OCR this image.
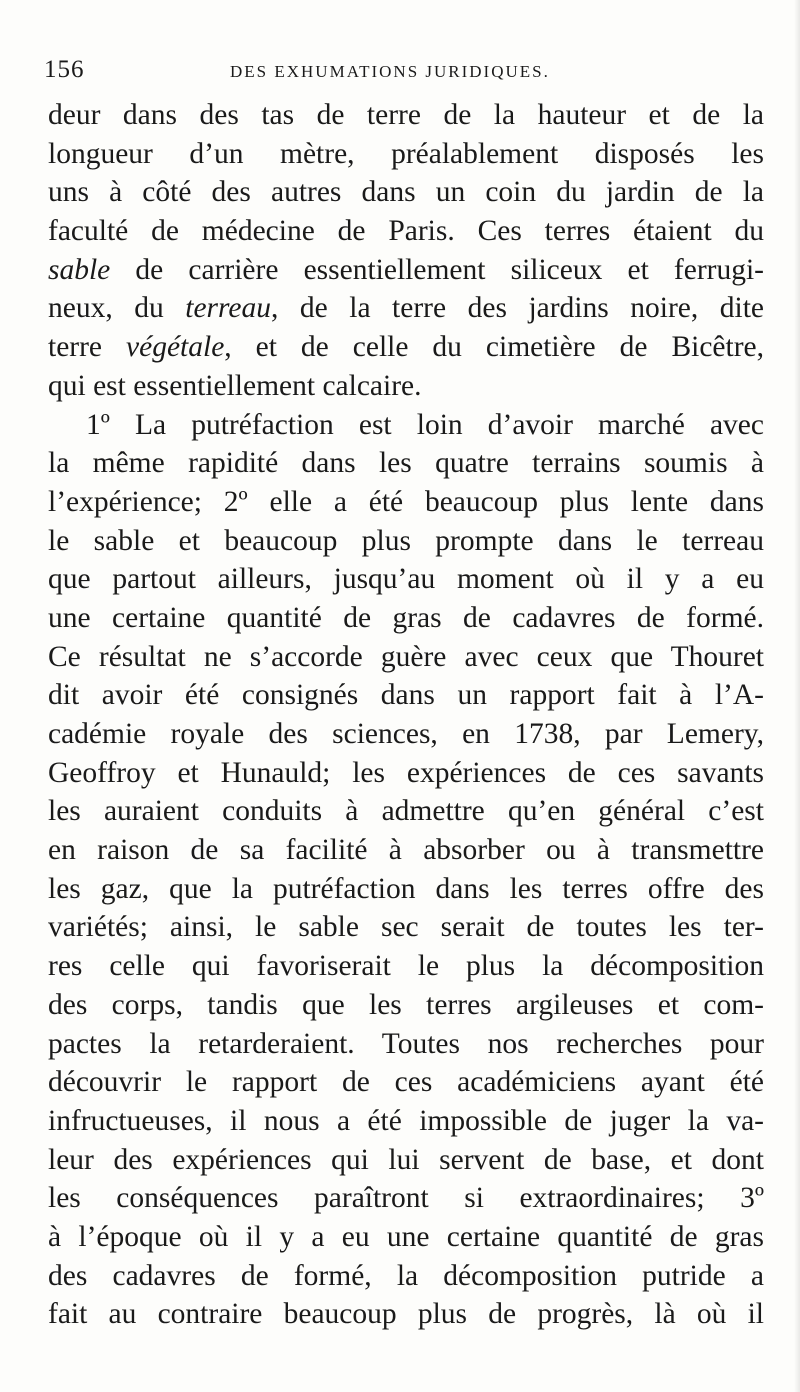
156	DES EXHUMATIONS JURIDIQUES.
deur dans des tas de terre de la hauteur et de la
longueur d’un mètre, préalablement disposés les
uns à côté des autres dans un coin du jardin de la
faculté de médecine de Paris. Ces terres étaient du
sable de carrière essentiellement siliceux et ferrugi-
neux, du terreau, de la terre des jardins noire, dite
terre végétale, et de celle du cimetière de Bicêtre,
qui est essentiellement calcaire.
1º La putréfaction est loin d’avoir marché avec
la même rapidité dans les quatre terrains soumis à
l’expérience; 2º elle a été beaucoup plus lente dans
le sable et beaucoup plus prompte dans le terreau
que partout ailleurs, jusqu’au moment où il y a eu
une certaine quantité de gras de cadavres de formé.
Ce résultat ne s’accorde guère avec ceux que Thouret
dit avoir été consignés dans un rapport fait à l’A-
cadémie royale des sciences, en 1738, par Lemery,
Geoffroy et Hunauld; les expériences de ces savants
les auraient conduits à admettre qu’en général c’est
en raison de sa facilité à absorber ou à transmettre
les gaz, que la putréfaction dans les terres offre des
variétés; ainsi, le sable sec serait de toutes les ter-
res celle qui favoriserait le plus la décomposition
des corps, tandis que les terres argileuses et com-
pactes la retarderaient. Toutes nos recherches pour
découvrir le rapport de ces académiciens ayant été
infructueuses, il nous a été impossible de juger la va-
leur des expériences qui lui servent de base, et dont
les conséquences paraîtront si extraordinaires; 3º
à l’époque où il y a eu une certaine quantité de gras
des cadavres de formé, la décomposition putride a
fait au contraire beaucoup plus de progrès, là où il
